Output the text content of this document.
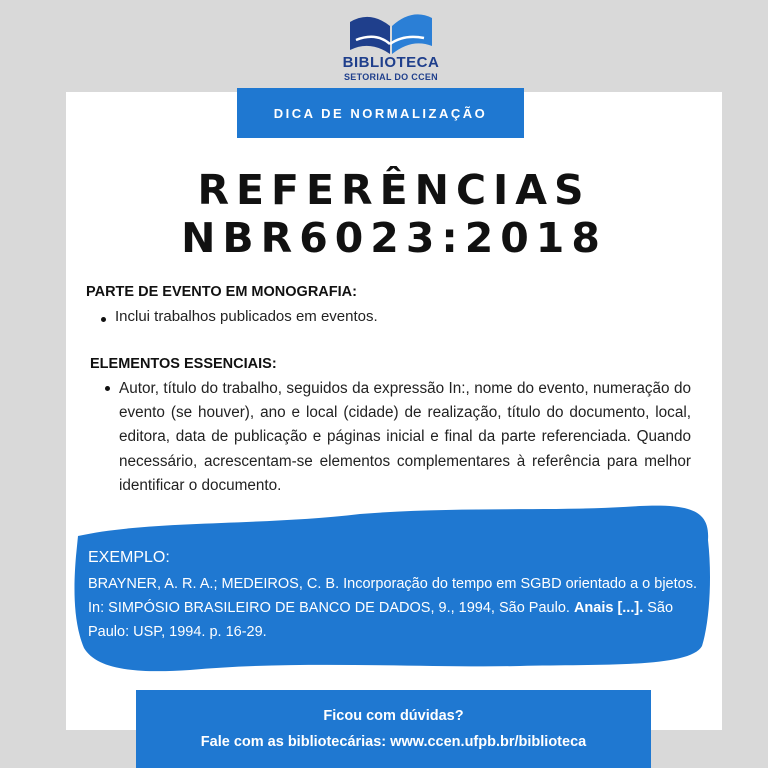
BIBLIOTECA
SETORIAL DO CCEN
DICA DE NORMALIZAÇÃO
REFERÊNCIAS
NBR6023:2018
PARTE DE EVENTO EM MONOGRAFIA:
Inclui trabalhos publicados em eventos.
ELEMENTOS ESSENCIAIS:
Autor, título do trabalho, seguidos da expressão In:, nome do evento, numeração do evento (se houver), ano e local (cidade) de realização, título do documento, local, editora, data de publicação e páginas inicial e final da parte referenciada. Quando necessário, acrescentam-se elementos complementares à referência para melhor identificar o documento.
EXEMPLO:
BRAYNER, A. R. A.; MEDEIROS, C. B. Incorporação do tempo em SGBD orientado a o bjetos. In: SIMPÓSIO BRASILEIRO DE BANCO DE DADOS, 9., 1994, São Paulo. Anais [...]. São Paulo: USP, 1994. p. 16-29.
Ficou com dúvidas?
Fale com as bibliotecárias: www.ccen.ufpb.br/biblioteca
